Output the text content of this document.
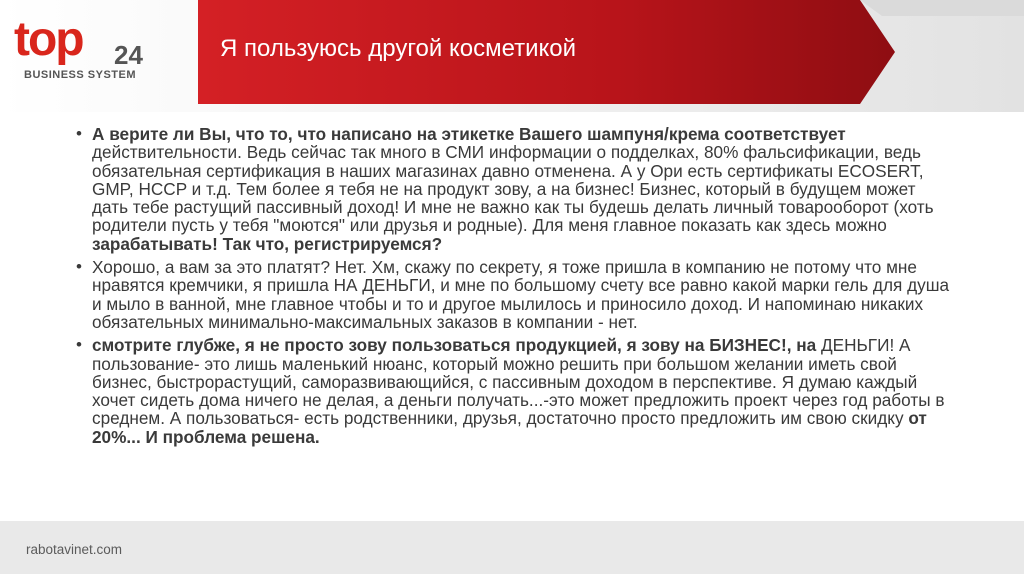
top 24
BUSINESS SYSTEM
Я пользуюсь другой косметикой
• А верите ли Вы, что то, что написано на этикетке Вашего шампуня/крема соответствует действительности. Ведь сейчас так много в СМИ информации о подделках, 80% фальсификации, ведь обязательная сертификация в наших магазинах давно отменена. А у Ори есть сертификаты ECOSERT, GMP, HCCP и т.д. Тем более я тебя не на продукт зову, а на бизнес! Бизнес, который в будущем может дать тебе растущий пассивный доход! И мне не важно как ты будешь делать личный товарооборот (хоть родители пусть у тебя "моются" или друзья и родные). Для меня главное показать как здесь можно зарабатывать! Так что, регистрируемся?
• Хорошо, а вам за это платят? Нет. Хм, скажу по секрету, я тоже пришла в компанию не потому что мне нравятся кремчики, я пришла НА ДЕНЬГИ, и мне по большому счету все равно какой марки гель для душа и мыло в ванной, мне главное чтобы и то и другое мылилось и приносило доход. И напоминаю никаких обязательных минимально-максимальных заказов в компании - нет.
• смотрите глубже, я не просто зову пользоваться продукцией, я зову на БИЗНЕС!, на ДЕНЬГИ! А пользование- это лишь маленький нюанс, который можно решить при большом желании иметь свой бизнес, быстрорастущий, саморазвивающийся, с пассивным доходом в перспективе. Я думаю каждый хочет сидеть дома ничего не делая, а деньги получать...-это может предложить проект через год работы в среднем. А пользоваться- есть родственники, друзья, достаточно просто предложить им свою скидку от 20%... И проблема решена.
rabotavinet.com
